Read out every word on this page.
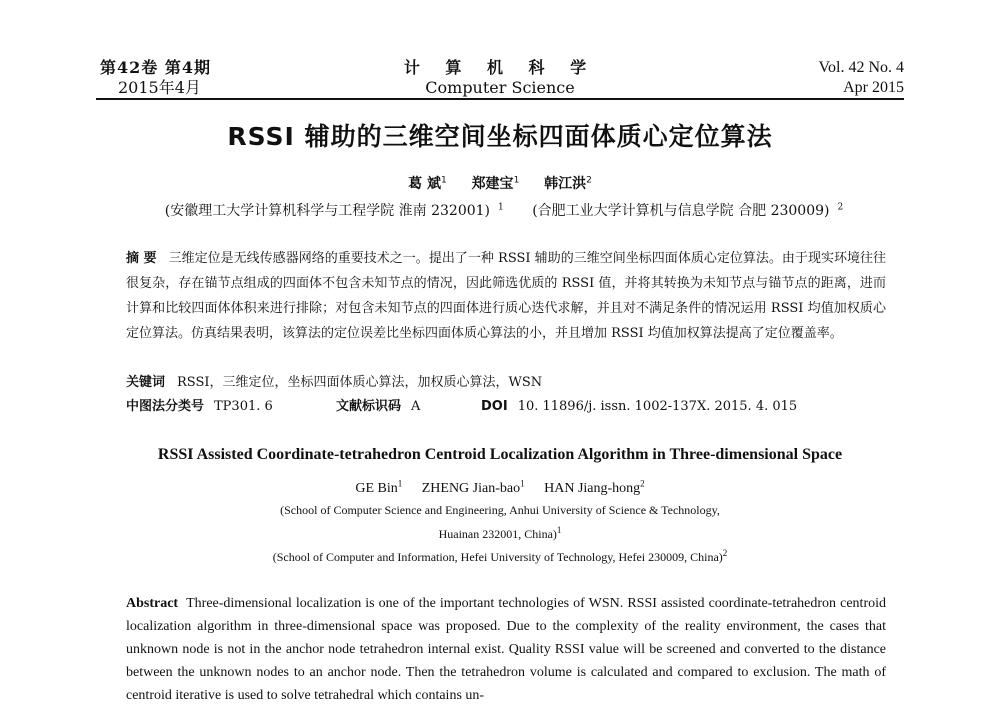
第42卷 第4期
2015年4月
计 算 机 科 学
Computer Science
Vol. 42 No. 4
Apr 2015
RSSI 辅助的三维空间坐标四面体质心定位算法
葛 斌$^1$ 郑建宝$^1$ 韩江洪$^2$
(安徽理工大学计算机科学与工程学院 淮南 232001) $^1$ (合肥工业大学计算机与信息学院 合肥 230009) $^2$
摘 要 三维定位是无线传感器网络的重要技术之一。提出了一种 RSSI 辅助的三维空间坐标四面体质心定位算法。由于现实环境往往很复杂，存在锚节点组成的四面体不包含未知节点的情况，因此筛选优质的 RSSI 值，并将其转换为未知节点与锚节点的距离，进而计算和比较四面体体积来进行排除；对包含未知节点的四面体进行质心迭代求解，并且对不满足条件的情况运用 RSSI 均值加权质心定位算法。仿真结果表明，该算法的定位误差比坐标四面体质心算法的小，并且增加 RSSI 均值加权算法提高了定位覆盖率。
关键词 RSSI，三维定位，坐标四面体质心算法，加权质心算法，WSN
中图法分类号 TP301. 6	文献标识码 A	DOI 10. 11896/j. issn. 1002-137X. 2015. 4. 015
RSSI Assisted Coordinate-tetrahedron Centroid Localization Algorithm in Three-dimensional Space
GE Bin$^1$ ZHENG Jian-bao$^1$ HAN Jiang-hong$^2$
(School of Computer Science and Engineering, Anhui University of Science & Technology,
Huainan 232001, China)$^1$
(School of Computer and Information, Hefei University of Technology, Hefei 230009, China)$^2$
Abstract Three-dimensional localization is one of the important technologies of WSN. RSSI assisted coordinate-tetrahedron centroid localization algorithm in three-dimensional space was proposed. Due to the complexity of the reality environment, the cases that unknown node is not in the anchor node tetrahedron internal exist. Quality RSSI value will be screened and converted to the distance between the unknown nodes to an anchor node. Then the tetrahedron volume is calculated and compared to exclusion. The math of centroid iterative is used to solve tetrahedral which contains un-
